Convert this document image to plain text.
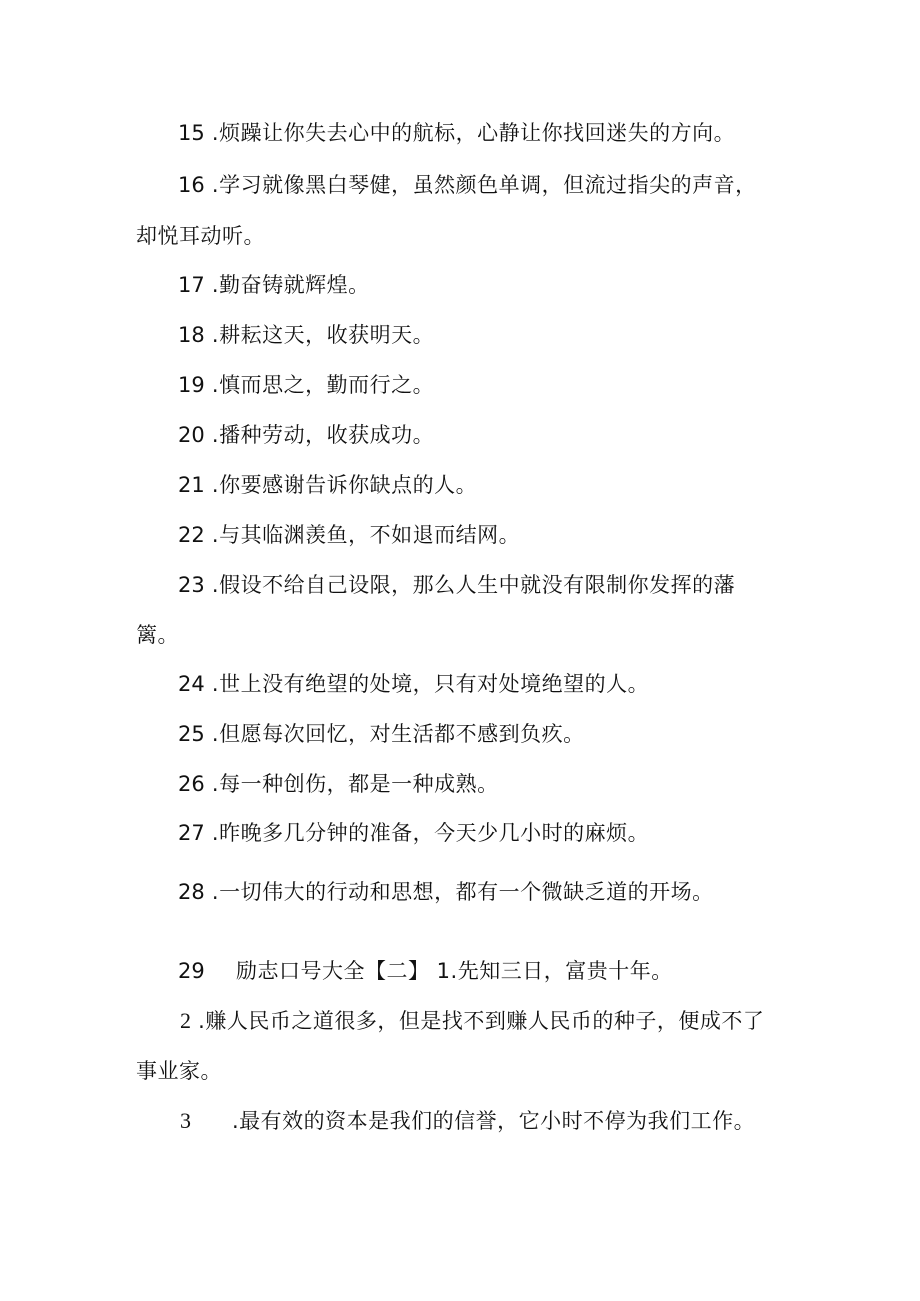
15 .烦躁让你失去心中的航标，心静让你找回迷失的方向。
16 .学习就像黑白琴健，虽然颜色单调，但流过指尖的声音，
却悦耳动听。
17 .勤奋铸就辉煌。
18 .耕耘这天，收获明天。
19 .慎而思之，勤而行之。
20 .播种劳动，收获成功。
21 .你要感谢告诉你缺点的人。
22 .与其临渊羡鱼，不如退而结网。
23 .假设不给自己设限，那么人生中就没有限制你发挥的藩
篱。
24 .世上没有绝望的处境，只有对处境绝望的人。
25 .但愿每次回忆，对生活都不感到负疚。
26 .每一种创伤，都是一种成熟。
27 .昨晚多几分钟的准备，今天少几小时的麻烦。
28 .一切伟大的行动和思想，都有一个微缺乏道的开场。
29 励志口号大全【二】 1.先知三日，富贵十年。
2 .赚人民币之道很多，但是找不到赚人民币的种子，便成不了
事业家。
3 .最有效的资本是我们的信誉，它小时不停为我们工作。
